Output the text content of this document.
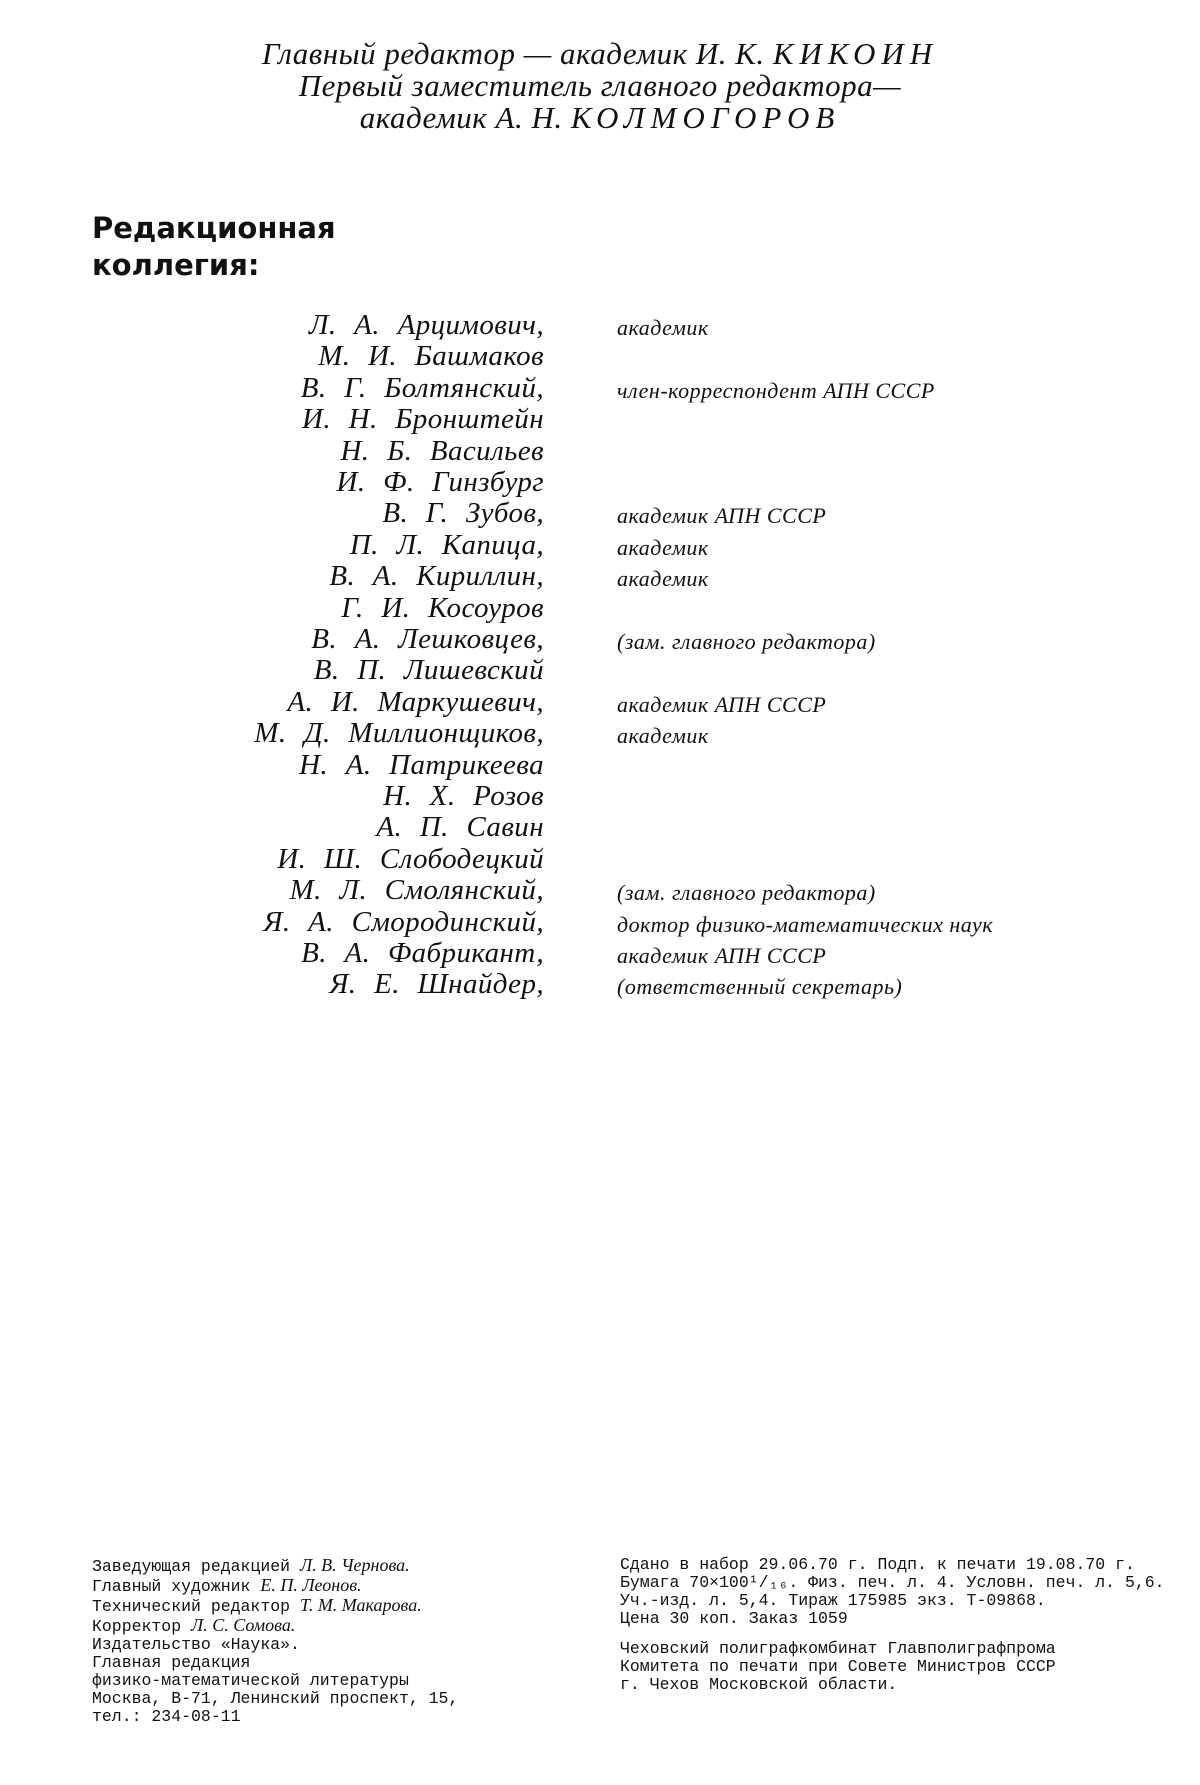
Главный редактор — академик И. К. КИКОИН
Первый заместитель главного редактора—
академик А. Н. КОЛМОГОРОВ
Редакционная
коллегия:
Л. А. Арцимович,	академик
М. И. Башмаков
В. Г. Болтянский,	член-корреспондент АПН СССР
И. Н. Бронштейн
Н. Б. Васильев
И. Ф. Гинзбург
В. Г. Зубов,	академик АПН СССР
П. Л. Капица,	академик
В. А. Кириллин,	академик
Г. И. Косоуров
В. А. Лешковцев,	(зам. главного редактора)
В. П. Лишевский
А. И. Маркушевич,	академик АПН СССР
М. Д. Миллионщиков,	академик
Н. А. Патрикеева
Н. Х. Розов
А. П. Савин
И. Ш. Слободецкий
М. Л. Смолянский,	(зам. главного редактора)
Я. А. Смородинский,	доктор физико-математических наук
В. А. Фабрикант,	академик АПН СССР
Я. Е. Шнайдер,	(ответственный секретарь)
Заведующая редакцией Л. В. Чернова.
Главный художник Е. П. Леонов.
Технический редактор Т. М. Макарова.
Корректор Л. С. Сомова.
Издательство «Наука».
Главная редакция
физико-математической литературы
Москва, В-71, Ленинский проспект, 15,
тел.: 234-08-11
Сдано в набор 29.06.70 г. Подп. к печати 19.08.70 г.
Бумага 70×100¹/₁₆. Физ. печ. л. 4. Условн. печ. л. 5,6.
Уч.-изд. л. 5,4. Тираж 175985 экз. Т-09868.
Цена 30 коп. Заказ 1059
Чеховский полиграфкомбинат Главполиграфпрома
Комитета по печати при Совете Министров СССР
г. Чехов Московской области.
